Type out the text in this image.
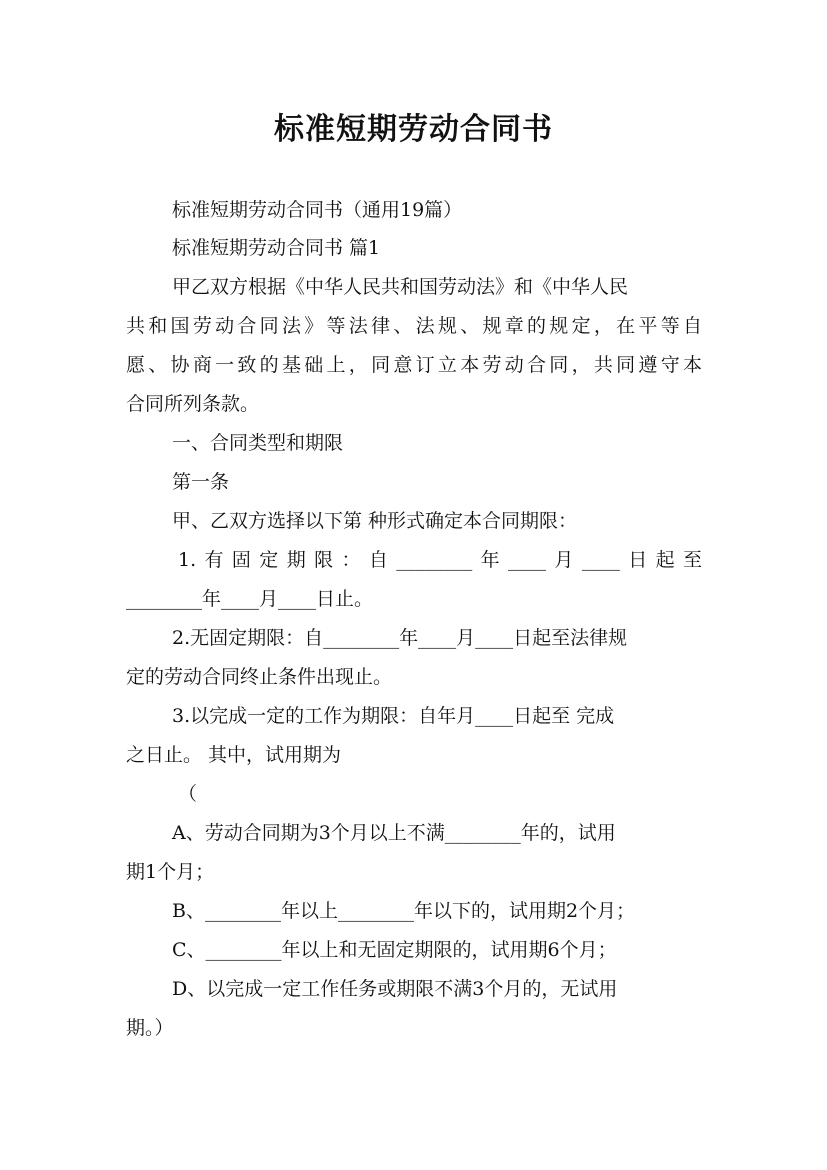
标准短期劳动合同书
标准短期劳动合同书（通用19篇）
标准短期劳动合同书 篇1
甲乙双方根据《中华人民共和国劳动法》和《中华人民
共和国劳动合同法》等法律、法规、规章的规定，在平等自
愿、协商一致的基础上，同意订立本劳动合同，共同遵守本
合同所列条款。
一、合同类型和期限
第一条
甲、乙双方选择以下第 种形式确定本合同期限：
1.有固定期限：自________年____月____日起至
________年____月____日止。
2.无固定期限：自________年____月____日起至法律规
定的劳动合同终止条件出现止。
3.以完成一定的工作为期限：自年月____日起至 完成
之日止。 其中，试用期为
（
A、劳动合同期为3个月以上不满________年的，试用
期1个月；
B、________年以上________年以下的，试用期2个月；
C、________年以上和无固定期限的，试用期6个月；
D、以完成一定工作任务或期限不满3个月的，无试用
期。）
